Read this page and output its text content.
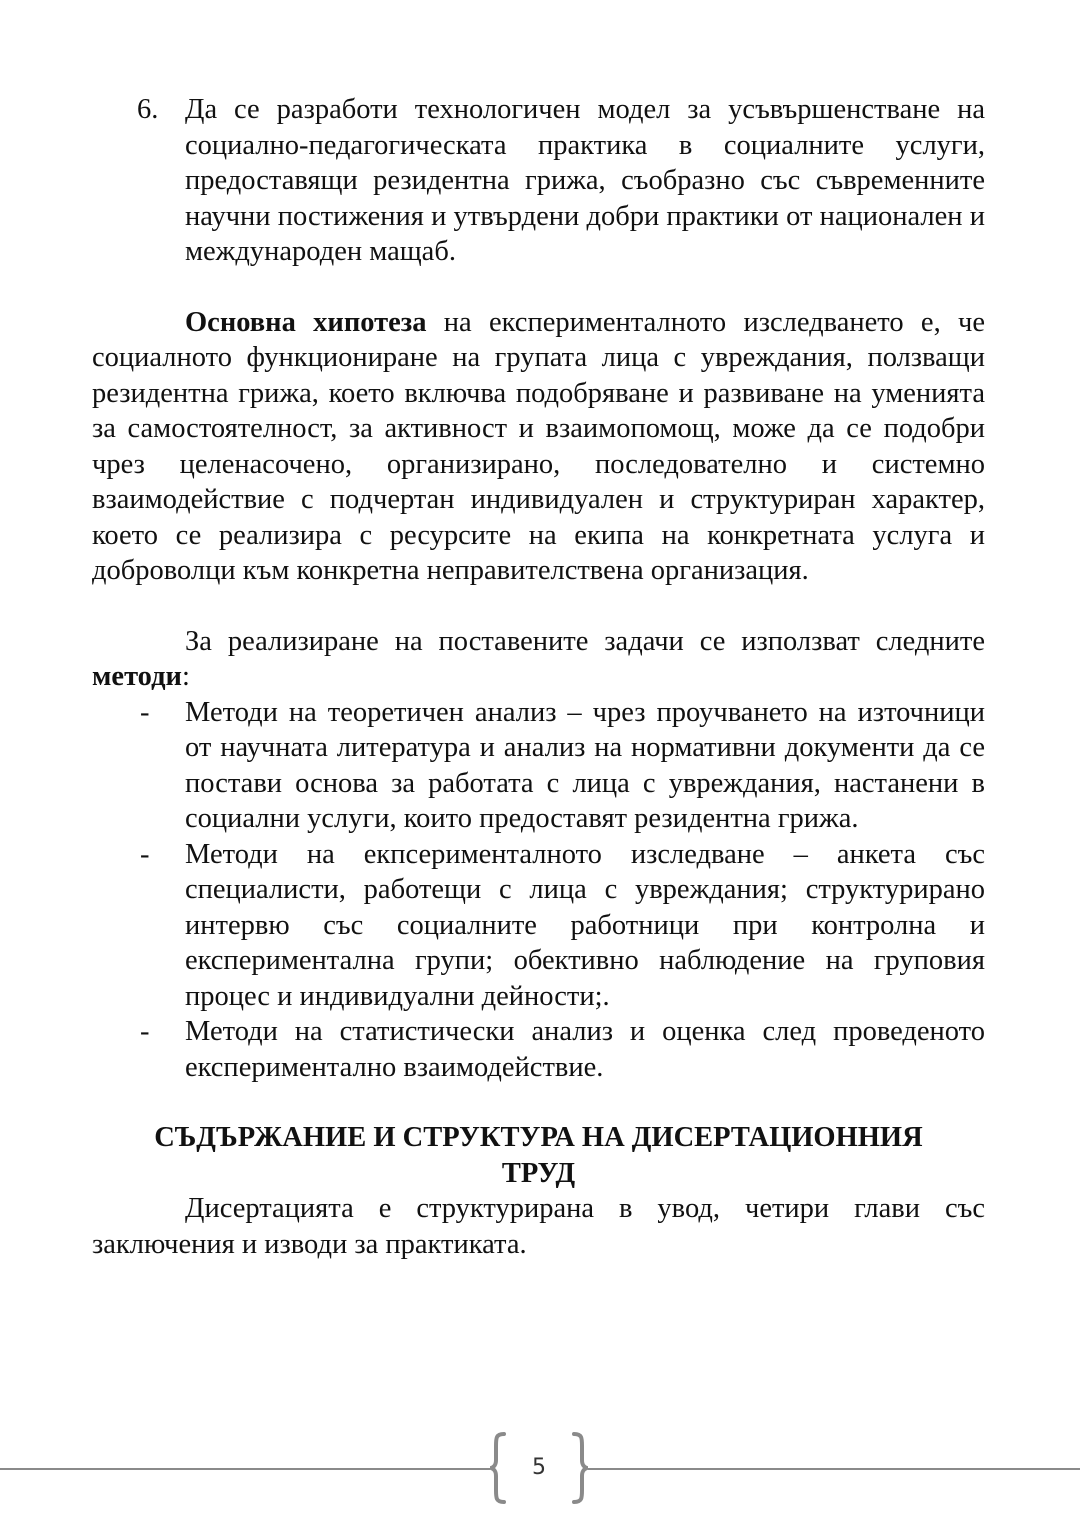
6. Да се разработи технологичен модел за усъвършенстване на социално-педагогическата практика в социалните услуги, предоставящи резидентна грижа, съобразно със съвременните научни постижения и утвърдени добри практики от национален и международен мащаб.

Основна хипотеза на експерименталното изследването е, че социалното функциониране на групата лица с увреждания, ползващи резидентна грижа, което включва подобряване и развиване на уменията за самостоятелност, за активност и взаимопомощ, може да се подобри чрез целенасочено, организирано, последователно и системно взаимодействие с подчертан индивидуален и структуриран характер, което се реализира с ресурсите на екипа на конкретната услуга и доброволци към конкретна неправителствена организация.

За реализиране на поставените задачи се използват следните методи:

- Методи на теоретичен анализ – чрез проучването на източници от научната литература и анализ на нормативни документи да се постави основа за работата с лица с увреждания, настанени в социални услуги, които предоставят резидентна грижа.
- Методи на екпсерименталното изследване – анкета със специалисти, работещи с лица с увреждания; структурирано интервю със социалните работници при контролна и експериментална групи; обективно наблюдение на груповия процес и индивидуални дейности;.
- Методи на статистически анализ и оценка след проведеното експериментално взаимодействие.
СЪДЪРЖАНИЕ И СТРУКТУРА НА ДИСЕРТАЦИОННИЯ
ТРУД

Дисертацията е структурирана в увод, четири глави със заключения и изводи за практиката.

5
